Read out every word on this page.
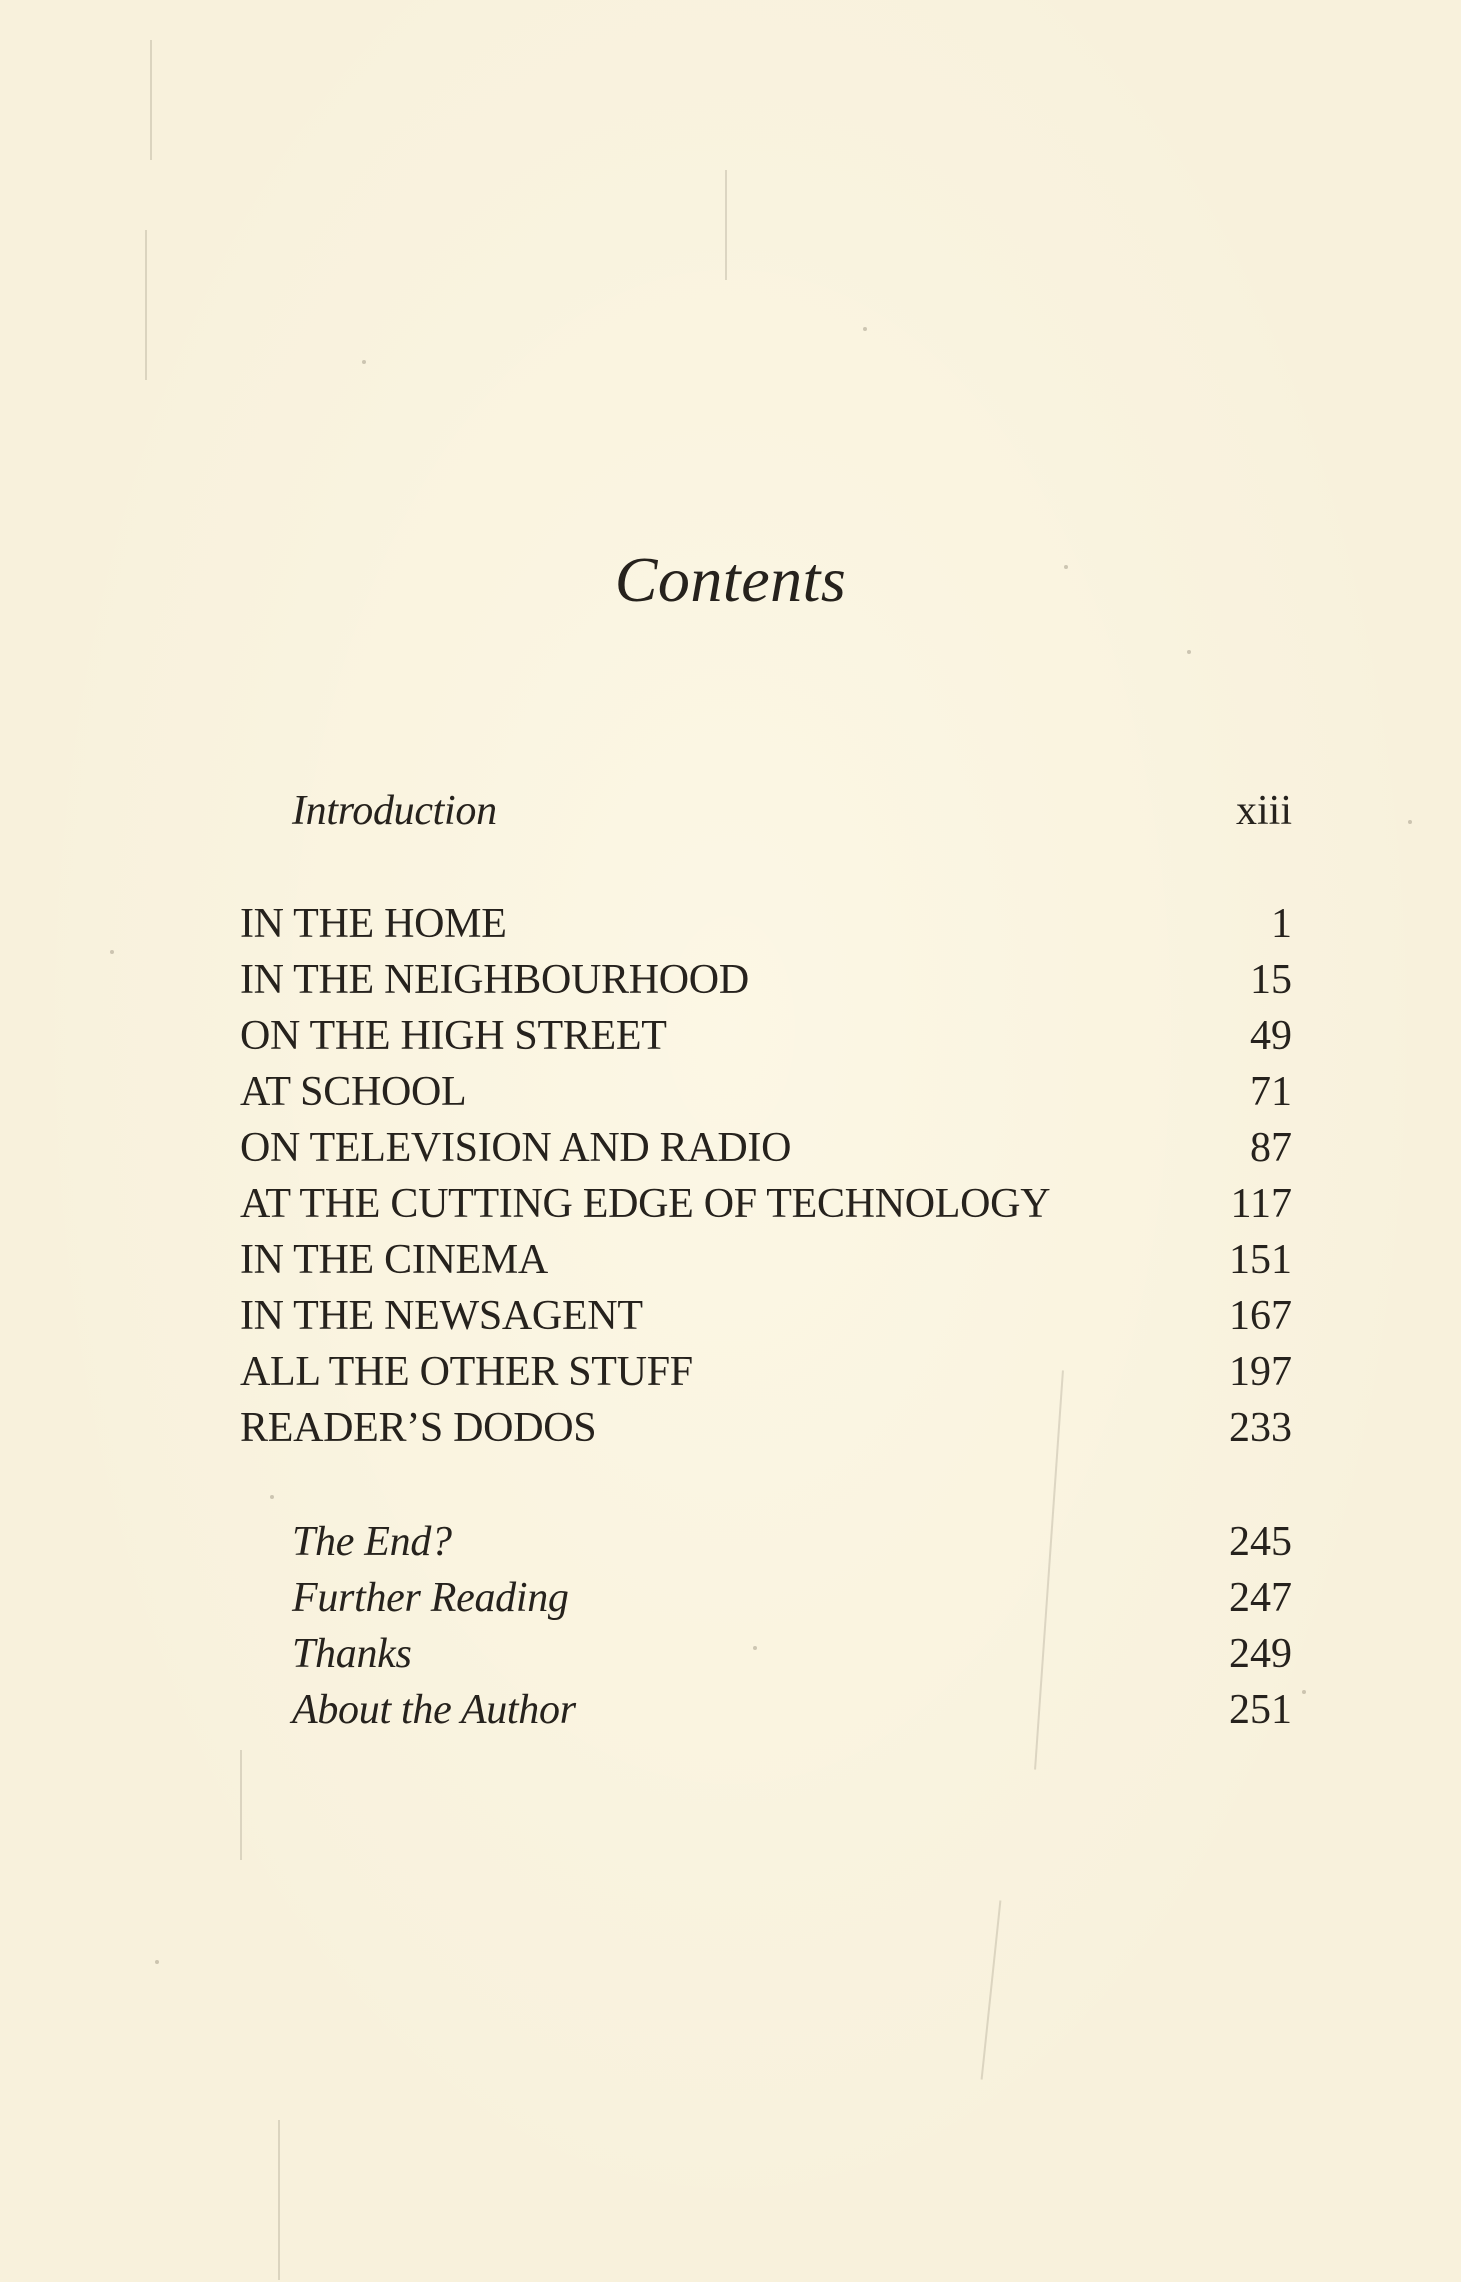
Contents
Introduction	xiii
IN THE HOME	1
IN THE NEIGHBOURHOOD	15
ON THE HIGH STREET	49
AT SCHOOL	71
ON TELEVISION AND RADIO	87
AT THE CUTTING EDGE OF TECHNOLOGY	117
IN THE CINEMA	151
IN THE NEWSAGENT	167
ALL THE OTHER STUFF	197
READER’S DODOS	233
The End?	245
Further Reading	247
Thanks	249
About the Author	251
